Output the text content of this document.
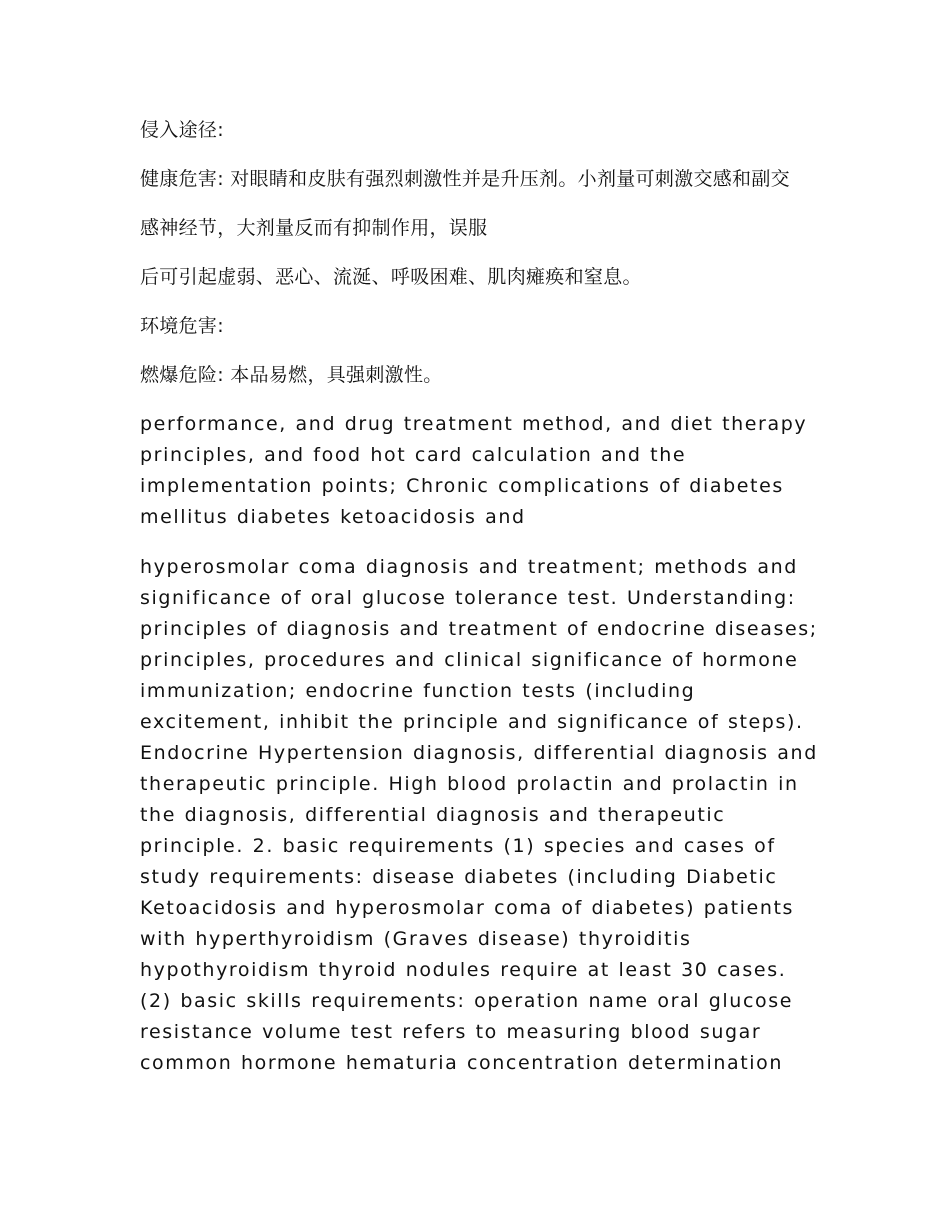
侵入途径:

健康危害: 对眼睛和皮肤有强烈刺激性并是升压剂。小剂量可刺激交感和副交

感神经节，大剂量反而有抑制作用，误服

后可引起虚弱、恶心、流涎、呼吸困难、肌肉瘫痪和窒息。

环境危害:

燃爆危险: 本品易燃，具强刺激性。

performance, and drug treatment method, and diet therapy principles, and food hot card calculation and the implementation points; Chronic complications of diabetes mellitus diabetes ketoacidosis and

hyperosmolar coma diagnosis and treatment; methods and significance of oral glucose tolerance test. Understanding: principles of diagnosis and treatment of endocrine diseases; principles, procedures and clinical significance of hormone immunization; endocrine function tests (including excitement, inhibit the principle and significance of steps). Endocrine Hypertension diagnosis, differential diagnosis and therapeutic principle. High blood prolactin and prolactin in the diagnosis, differential diagnosis and therapeutic principle. 2. basic requirements (1) species and cases of study requirements: disease diabetes (including Diabetic Ketoacidosis and hyperosmolar coma of diabetes) patients with hyperthyroidism (Graves disease) thyroiditis hypothyroidism thyroid nodules require at least 30 cases. (2) basic skills requirements: operation name oral glucose resistance volume test refers to measuring blood sugar common hormone hematuria concentration determination
